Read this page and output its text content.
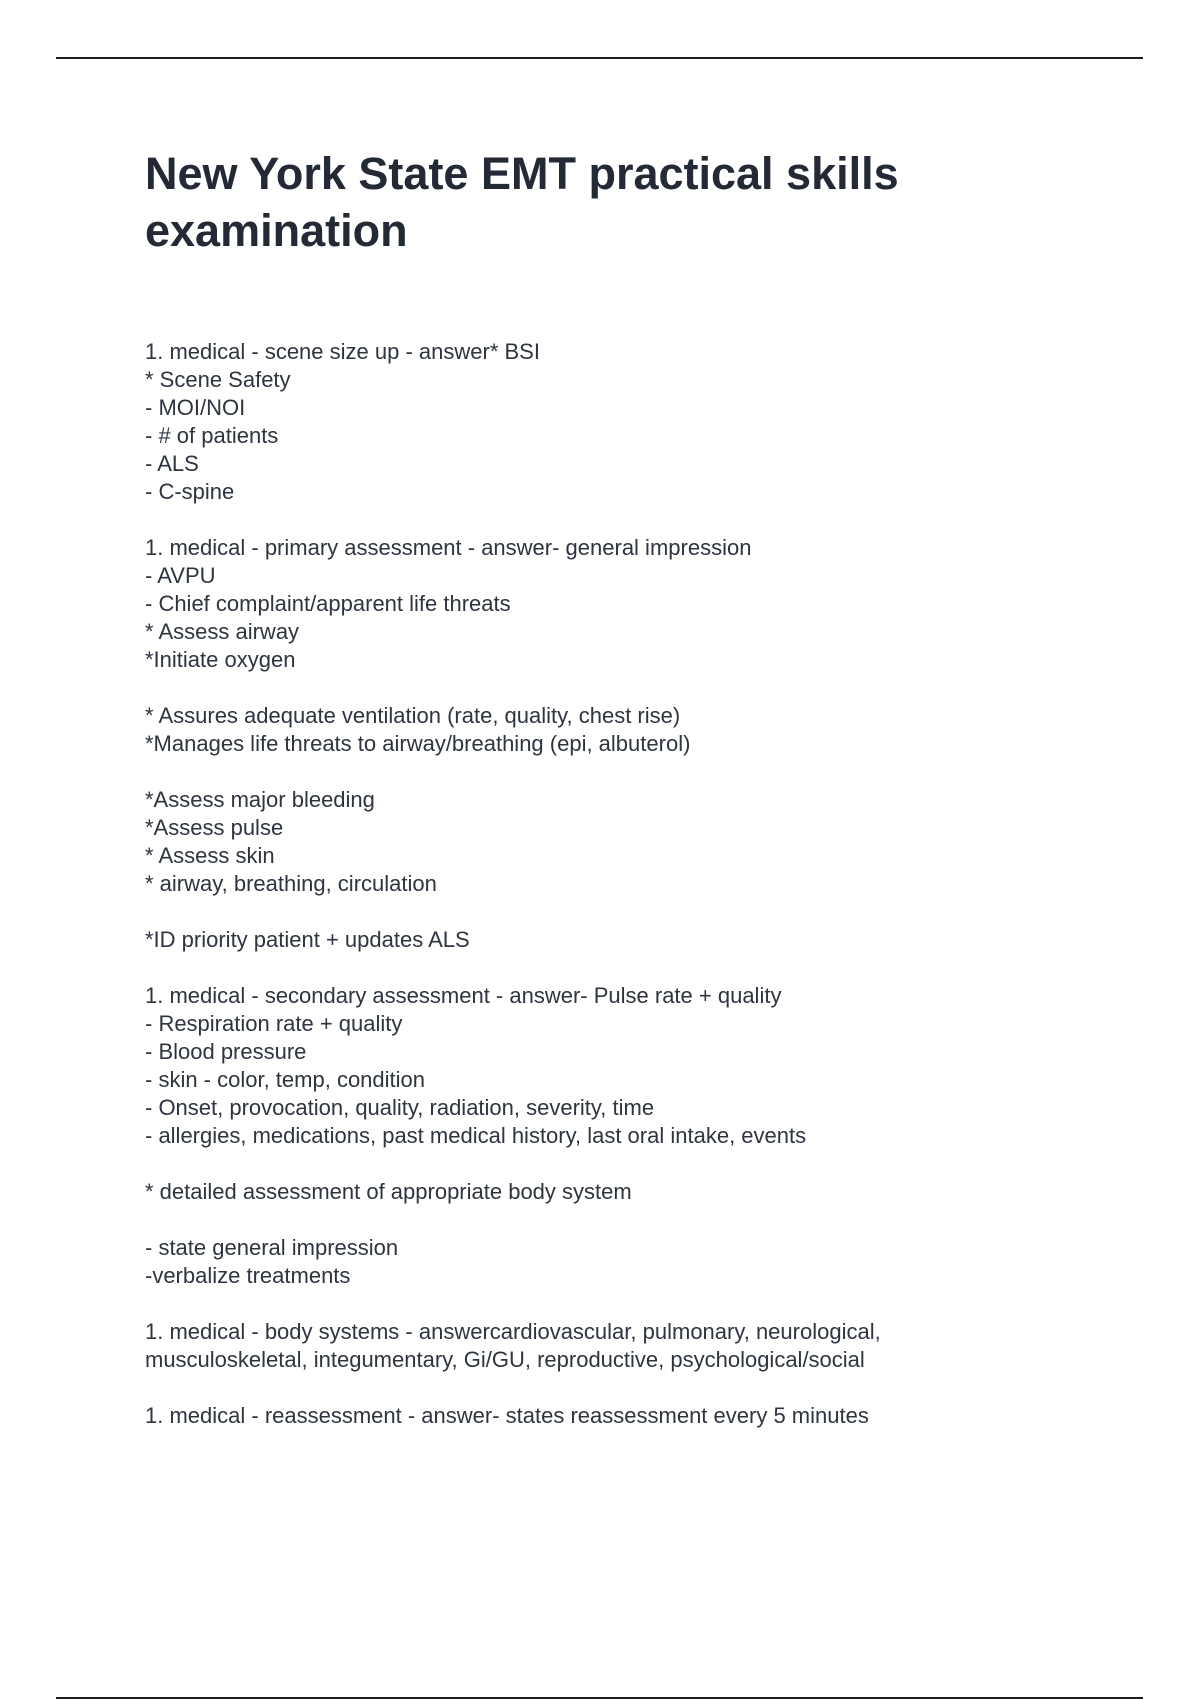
New York State EMT practical skills examination
1. medical - scene size up - answer* BSI
* Scene Safety
- MOI/NOI
- # of patients
- ALS
- C-spine
1. medical - primary assessment - answer- general impression
- AVPU
- Chief complaint/apparent life threats
* Assess airway
*Initiate oxygen
* Assures adequate ventilation (rate, quality, chest rise)
*Manages life threats to airway/breathing (epi, albuterol)
*Assess major bleeding
*Assess pulse
* Assess skin
* airway, breathing, circulation
*ID priority patient + updates ALS
1. medical - secondary assessment - answer- Pulse rate + quality
- Respiration rate + quality
- Blood pressure
- skin - color, temp, condition
- Onset, provocation, quality, radiation, severity, time
- allergies, medications, past medical history, last oral intake, events
* detailed assessment of appropriate body system
- state general impression
-verbalize treatments
1. medical - body systems - answercardiovascular, pulmonary, neurological,
musculoskeletal, integumentary, Gi/GU, reproductive, psychological/social
1. medical - reassessment - answer- states reassessment every 5 minutes
